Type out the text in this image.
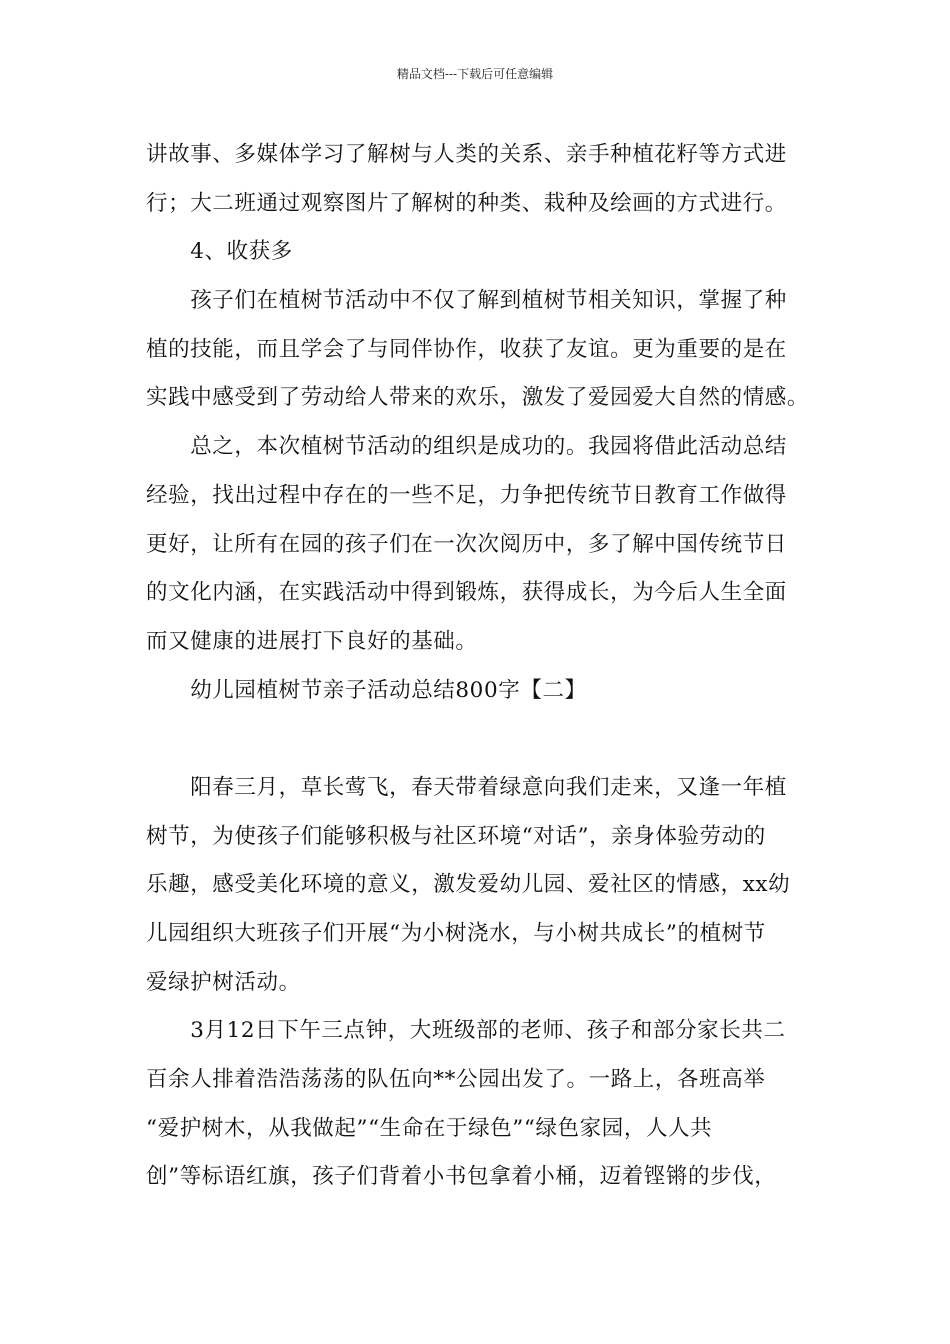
精品文档---下载后可任意编辑
讲故事、多媒体学习了解树与人类的关系、亲手种植花籽等方式进
行；大二班通过观察图片了解树的种类、栽种及绘画的方式进行。
　　4、收获多
　　孩子们在植树节活动中不仅了解到植树节相关知识，掌握了种
植的技能，而且学会了与同伴协作，收获了友谊。更为重要的是在
实践中感受到了劳动给人带来的欢乐，激发了爱园爱大自然的情感。
　　总之，本次植树节活动的组织是成功的。我园将借此活动总结
经验，找出过程中存在的一些不足，力争把传统节日教育工作做得
更好，让所有在园的孩子们在一次次阅历中，多了解中国传统节日
的文化内涵，在实践活动中得到锻炼，获得成长，为今后人生全面
而又健康的进展打下良好的基础。
　　幼儿园植树节亲子活动总结800字【二】
　　阳春三月，草长莺飞，春天带着绿意向我们走来，又逢一年植
树节，为使孩子们能够积极与社区环境“对话”，亲身体验劳动的
乐趣，感受美化环境的意义，激发爱幼儿园、爱社区的情感，xx幼
儿园组织大班孩子们开展“为小树浇水，与小树共成长”的植树节
爱绿护树活动。
　　3月12日下午三点钟，大班级部的老师、孩子和部分家长共二
百余人排着浩浩荡荡的队伍向**公园出发了。一路上，各班高举
“爱护树木，从我做起”“生命在于绿色”“绿色家园，人人共
创”等标语红旗，孩子们背着小书包拿着小桶，迈着铿锵的步伐，
